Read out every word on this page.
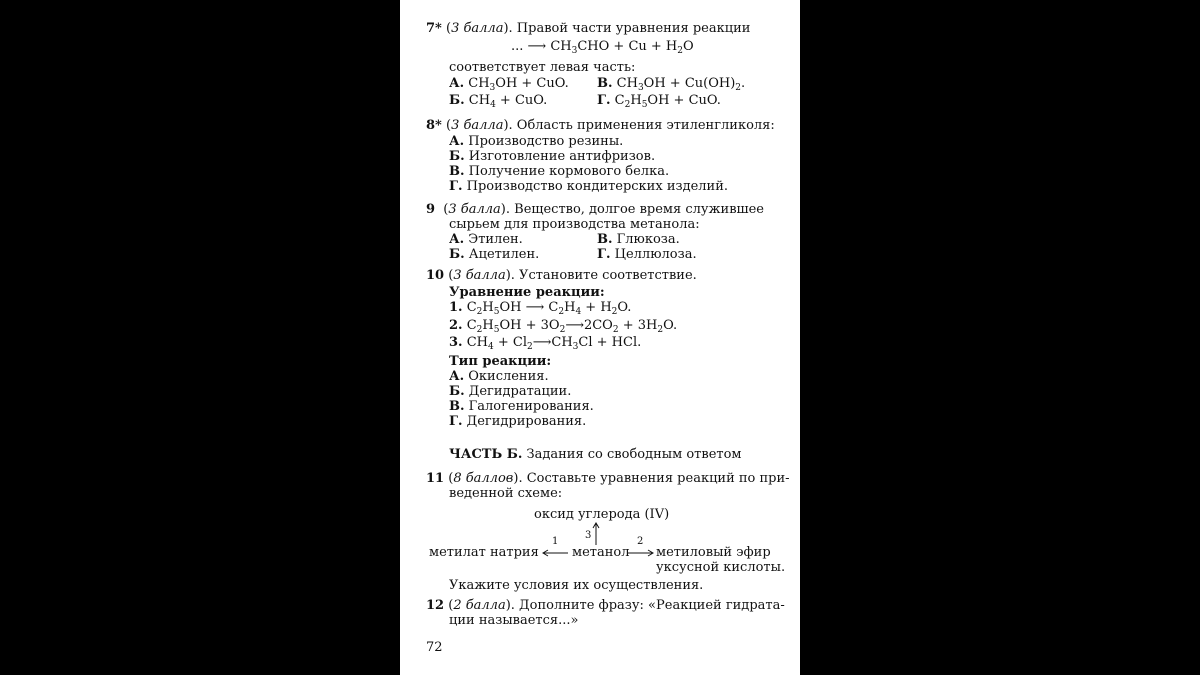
7* (3 балла). Правой части уравнения реакции
... ⟶ $CH_3CHO + Cu + H_2O$
соответствует левая часть:
А. $CH_3OH$ + CuO. В. $CH_3OH + Cu(OH)_2$.
Б. $CH_4$ + CuO.	Г. $C_2H_5OH$ + CuO.
8* (3 балла). Область применения этиленгликоля:
А. Производство резины.
Б. Изготовление антифризов.
В. Получение кормового белка.
Г. Производство кондитерских изделий.
9  (3 балла). Вещество, долгое время служившее
сырьем для производства метанола:
А. Этилен.	В. Глюкоза.
Б. Ацетилен.	Г. Целлюлоза.
10 (3 балла). Установите соответствие.
Уравнение реакции:
1. $C_2H_5OH$ ⟶ $C_2H_4 + H_2O$.
2. $C_2H_5OH$ + $3O_2⟶2CO_2 + 3H_2O$.
3. $CH_4$ + $Cl_2⟶CH_3Cl$ + HCl.
Тип реакции:
А. Окисления.
Б. Дегидратации.
В. Галогенирования.
Г. Дегидрирования.
ЧАСТЬ Б. Задания со свободным ответом
11 (8 баллов). Составьте уравнения реакций по при-
веденной схеме:
оксид углерода (IV)
метилат натрия	метанол метиловый эфир
уксусной кислоты.
1	2
3
Укажите условия их осуществления.
12 (2 балла). Дополните фразу: «Реакцией гидрата-
ции называется...»
72
